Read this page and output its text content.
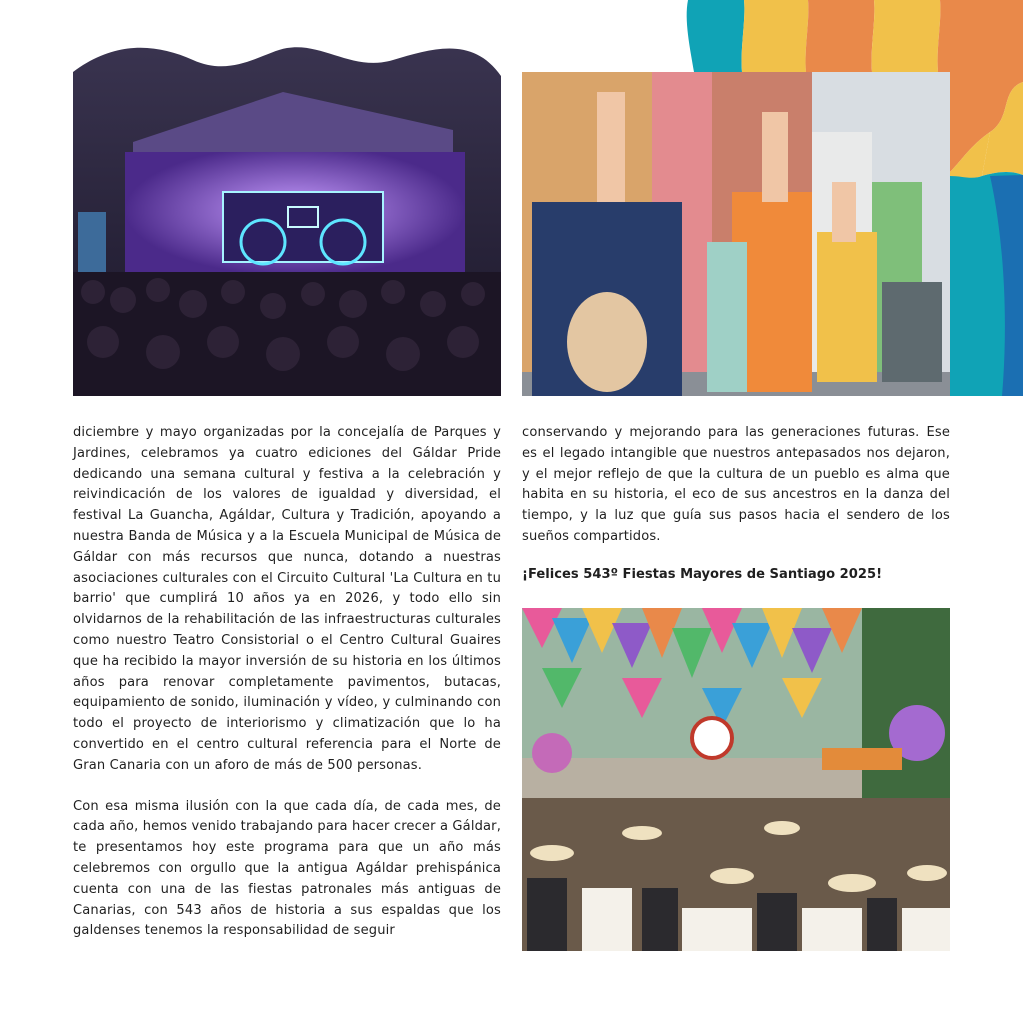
diciembre y mayo organizadas por la concejalía de Parques y Jardines, celebramos ya cuatro ediciones del Gáldar Pride dedicando una semana cultural y festiva a la celebración y reivindicación de los valores de igualdad y diversidad, el festival La Guancha, Agáldar, Cultura y Tradición, apoyando a nuestra Banda de Música y a la Escuela Municipal de Música de Gáldar con más recursos que nunca, dotando a nuestras asociaciones culturales con el Circuito Cultural 'La Cultura en tu barrio' que cumplirá 10 años ya en 2026, y todo ello sin olvidarnos de la rehabilitación de las infraestructuras culturales como nuestro Teatro Consistorial o el Centro Cultural Guaires que ha recibido la mayor inversión de su historia en los últimos años para renovar completamente pavimentos, butacas, equipamiento de sonido, iluminación y vídeo, y culminando con todo el proyecto de interiorismo y climatización que lo ha convertido en el centro cultural referencia para el Norte de Gran Canaria con un aforo de más de 500 personas.

Con esa misma ilusión con la que cada día, de cada mes, de cada año, hemos venido trabajando para hacer crecer a Gáldar, te presentamos hoy este programa para que un año más celebremos con orgullo que la antigua Agáldar prehispánica cuenta con una de las fiestas patronales más antiguas de Canarias, con 543 años de historia a sus espaldas que los galdenses tenemos la responsabilidad de seguir

conservando y mejorando para las generaciones futuras. Ese es el legado intangible que nuestros antepasados nos dejaron, y el mejor reflejo de que la cultura de un pueblo es alma que habita en su historia, el eco de sus ancestros en la danza del tiempo, y la luz que guía sus pasos hacia el sendero de los sueños compartidos.

¡Felices 543º Fiestas Mayores de Santiago 2025!
